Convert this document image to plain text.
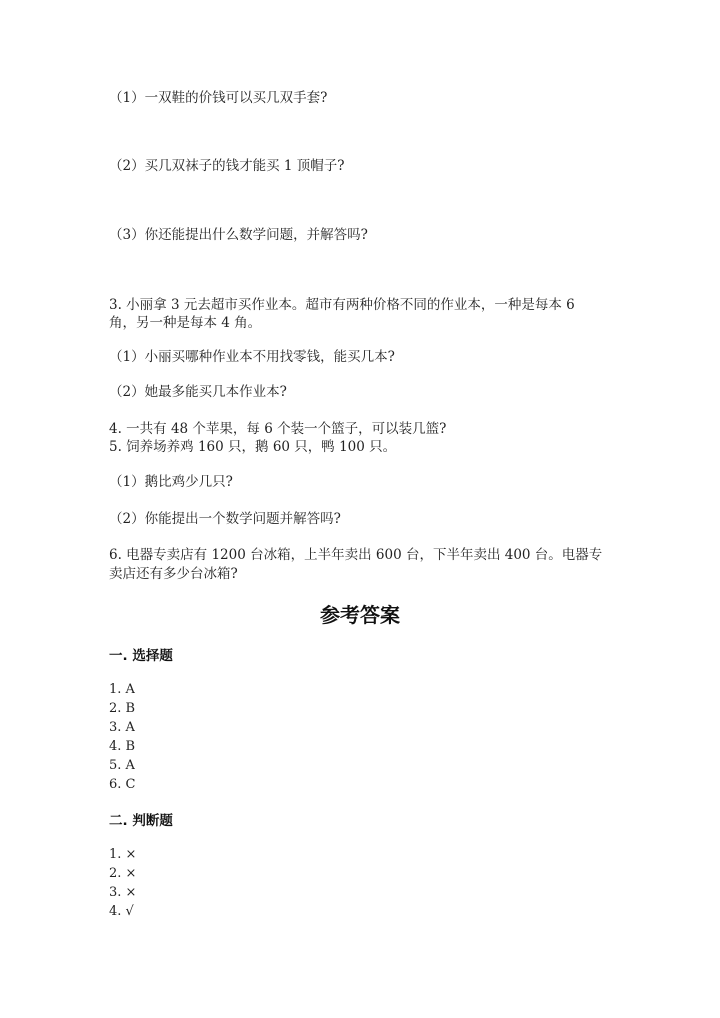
（1）一双鞋的价钱可以买几双手套?
（2）买几双袜子的钱才能买 1 顶帽子?
（3）你还能提出什么数学问题，并解答吗?
3. 小丽拿 3 元去超市买作业本。超市有两种价格不同的作业本，一种是每本 6
角，另一种是每本 4 角。
（1）小丽买哪种作业本不用找零钱，能买几本?
（2）她最多能买几本作业本?
4. 一共有 48 个苹果，每 6 个装一个篮子，可以装几篮?
5. 饲养场养鸡 160 只，鹅 60 只，鸭 100 只。
（1）鹅比鸡少几只?
（2）你能提出一个数学问题并解答吗?
6. 电器专卖店有 1200 台冰箱，上半年卖出 600 台，下半年卖出 400 台。电器专
卖店还有多少台冰箱?
参考答案
一. 选择题
1. A
2. B
3. A
4. B
5. A
6. C
二. 判断题
1. ×
2. ×
3. ×
4. √
